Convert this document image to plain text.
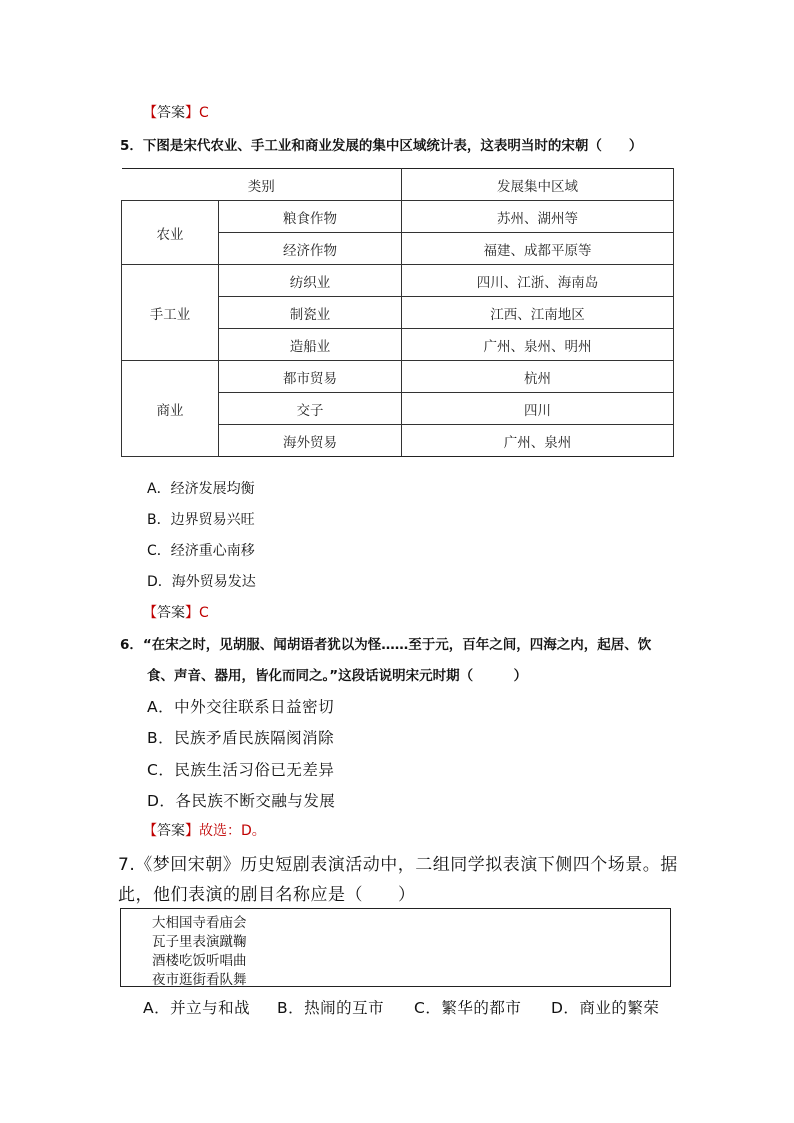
【答案】C
5．下图是宋代农业、手工业和商业发展的集中区域统计表，这表明当时的宋朝（　　）
类别		发展集中区域
农业	粮食作物	苏州、湖州等
	经济作物	福建、成都平原等
手工业	纺织业	四川、江浙、海南岛
	制瓷业	江西、江南地区
	造船业	广州、泉州、明州
商业	都市贸易	杭州
	交子	四川
	海外贸易	广州、泉州
A．经济发展均衡
B．边界贸易兴旺
C．经济重心南移
D．海外贸易发达
【答案】C
6．“在宋之时，见胡服、闻胡语者犹以为怪……至于元，百年之间，四海之内，起居、饮
食、声音、器用，皆化而同之。”这段话说明宋元时期（　　　）
A．中外交往联系日益密切
B．民族矛盾民族隔阂消除
C．民族生活习俗已无差异
D．各民族不断交融与发展
【答案】故选：D。
7.《梦回宋朝》历史短剧表演活动中，二组同学拟表演下侧四个场景。据
此，他们表演的剧目名称应是（　　）
大相国寺看庙会
瓦子里表演蹴鞠
酒楼吃饭听唱曲
夜市逛街看队舞
A．并立与和战 B．热闹的互市 C．繁华的都市 D．商业的繁荣
